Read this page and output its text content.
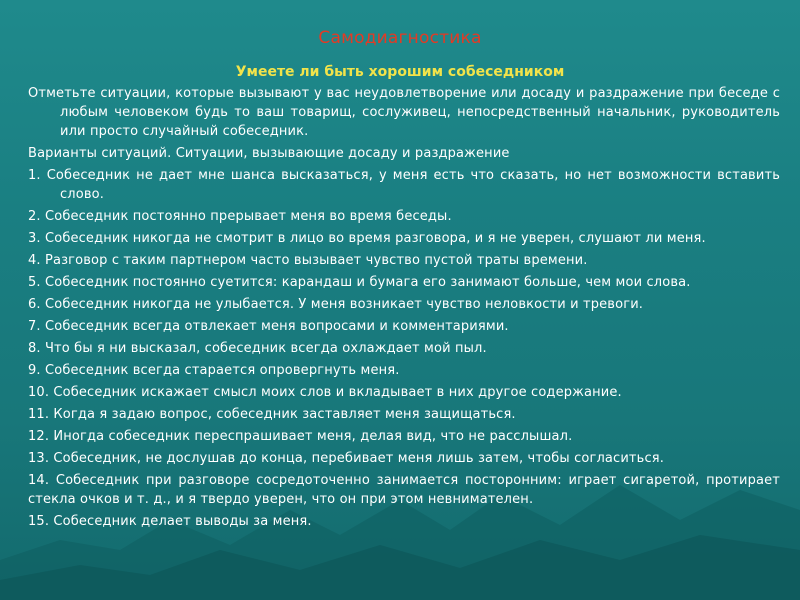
Самодиагностика
Умеете ли быть хорошим собеседником

Отметьте ситуации, которые вызывают у вас неудовлетворение или досаду и раздражение при беседе с любым человеком будь то ваш товарищ, сослуживец, непосредственный начальник, руководитель или просто случайный собеседник.

Варианты ситуаций. Ситуации, вызывающие досаду и раздражение

1. Собеседник не дает мне шанса высказаться, у меня есть что сказать, но нет возможности вставить слово.

2. Собеседник постоянно прерывает меня во время беседы.

3. Собеседник никогда не смотрит в лицо во время разговора, и я не уверен, слушают ли меня.

4. Разговор с таким партнером часто вызывает чувство пустой траты времени.

5. Собеседник постоянно суетится: карандаш и бумага его занимают больше, чем мои слова.

6. Собеседник никогда не улыбается. У меня возникает чувство неловкости и тревоги.

7. Собеседник всегда отвлекает меня вопросами и комментариями.

8. Что бы я ни высказал, собеседник всегда охлаждает мой пыл.

9. Собеседник всегда старается опровергнуть меня.

10. Собеседник искажает смысл моих слов и вкладывает в них другое содержание.

11. Когда я задаю вопрос, собеседник заставляет меня защищаться.

12. Иногда собеседник переспрашивает меня, делая вид, что не расслышал.

13. Собеседник, не дослушав до конца, перебивает меня лишь затем, чтобы согласиться.

14. Собеседник при разговоре сосредоточенно занимается посторонним: играет сигаретой, протирает стекла очков и т. д., и я твердо уверен, что он при этом невнимателен.

15. Собеседник делает выводы за меня.
